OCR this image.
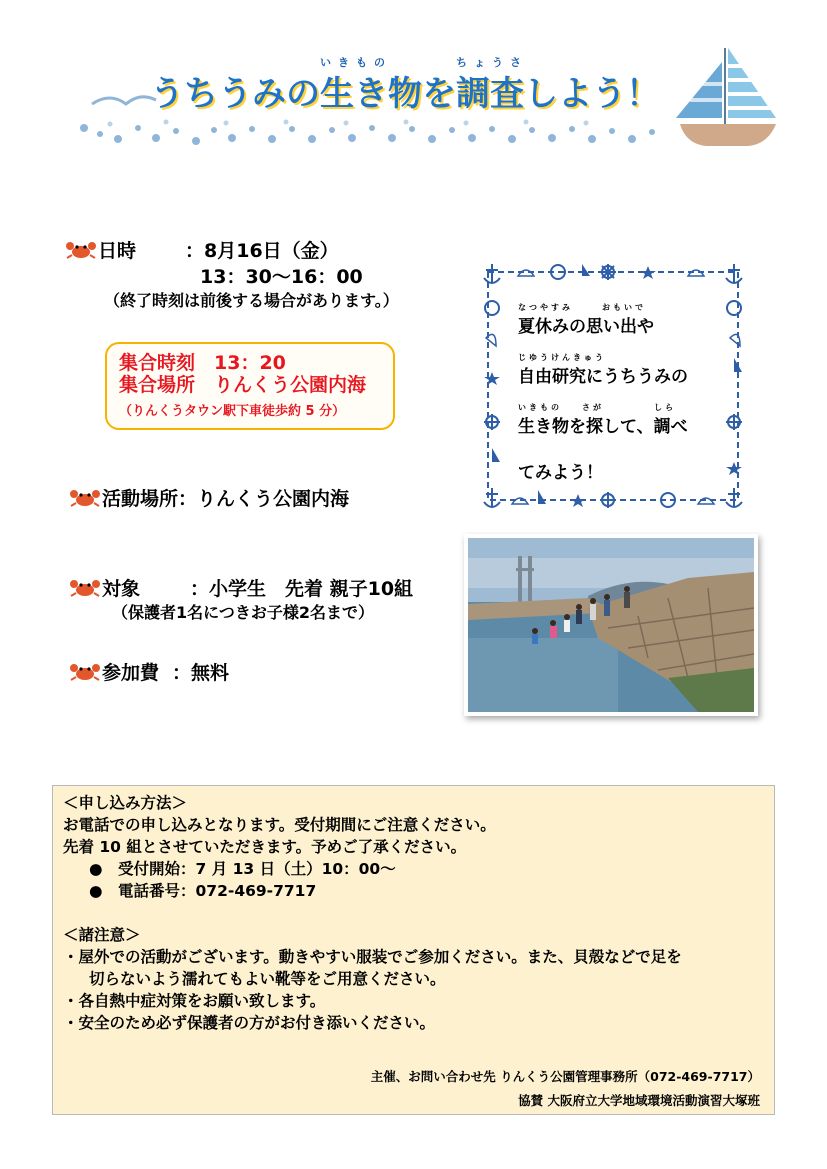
いきもの	ちょうさ
うちうみの生き物を調査しよう！
日時	：8月16日（金）
13：30～16：00
（終了時刻は前後する場合があります。）
集合時刻　13：20
集合場所　りんくう公園内海
（りんくうタウン駅下車徒歩約 5 分）
活動場所：りんくう公園内海
対象	：小学生　先着 親子10組
（保護者1名につきお子様2名まで）
参加費 ：無料
なつやすみ	おもいで
夏休みの思い出や
じゆうけんきゅう
自由研究にうちうみの
いきもの	さが	しら
生き物を探して、調べ
てみよう！

＜申し込み方法＞

お電話での申し込みとなります。受付期間にご注意ください。

先着 10 組とさせていただきます。予めご了承ください。

●　受付開始：7 月 13 日（土）10：00～

●　電話番号：072-469-7717

＜諸注意＞

・屋外での活動がございます。動きやすい服装でご参加ください。また、貝殻などで足を

切らないよう濡れてもよい靴等をご用意ください。

・各自熱中症対策をお願い致します。

・安全のため必ず保護者の方がお付き添いください。

主催、お問い合わせ先 りんくう公園管理事務所（072-469-7717）
協賛 大阪府立大学地域環境活動演習大塚班
